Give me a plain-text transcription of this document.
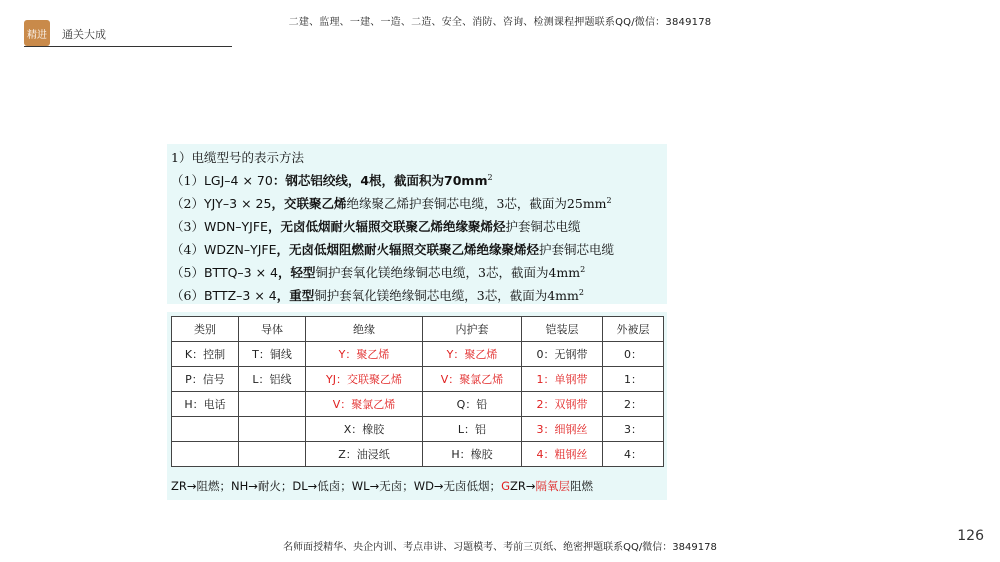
二建、监理、一建、一造、二造、安全、消防、咨询、检测课程押题联系QQ/微信：3849178
精进 通关大成
1）电缆型号的表示方法
（1）LGJ–4 × 70：钢芯铝绞线，4根，截面积为$70mm^2$
（2）YJY–3 × 25，交联聚乙烯绝缘聚乙烯护套铜芯电缆，3芯，截面为$25mm^2$
（3）WDN–YJFE，无卤低烟耐火辐照交联聚乙烯绝缘聚烯烃护套铜芯电缆
（4）WDZN–YJFE，无卤低烟阻燃耐火辐照交联聚乙烯绝缘聚烯烃护套铜芯电缆
（5）BTTQ–3 × 4，轻型铜护套氧化镁绝缘铜芯电缆，3芯，截面为$4mm^2$
（6）BTTZ–3 × 4，重型铜护套氧化镁绝缘铜芯电缆，3芯，截面为$4mm^2$
类别	导体	绝缘	内护套	铠装层	外被层
K：控制	T：铜线	Y：聚乙烯	Y：聚乙烯	0：无钢带	0：
P：信号	L：铝线	YJ：交联聚乙烯	V：聚氯乙烯	1：单钢带	1：
H：电话		V：聚氯乙烯	Q：铅	2：双钢带	2：
		X：橡胶	L：铝	3：细钢丝	3：
		Z：油浸纸	H：橡胶	4：粗钢丝	4：
ZR→阻燃；NH→耐火；DL→低卤；WL→无卤；WD→无卤低烟；GZR→隔氧层阻燃
126
名师面授精华、央企内训、考点串讲、习题模考、考前三页纸、绝密押题联系QQ/微信：3849178
